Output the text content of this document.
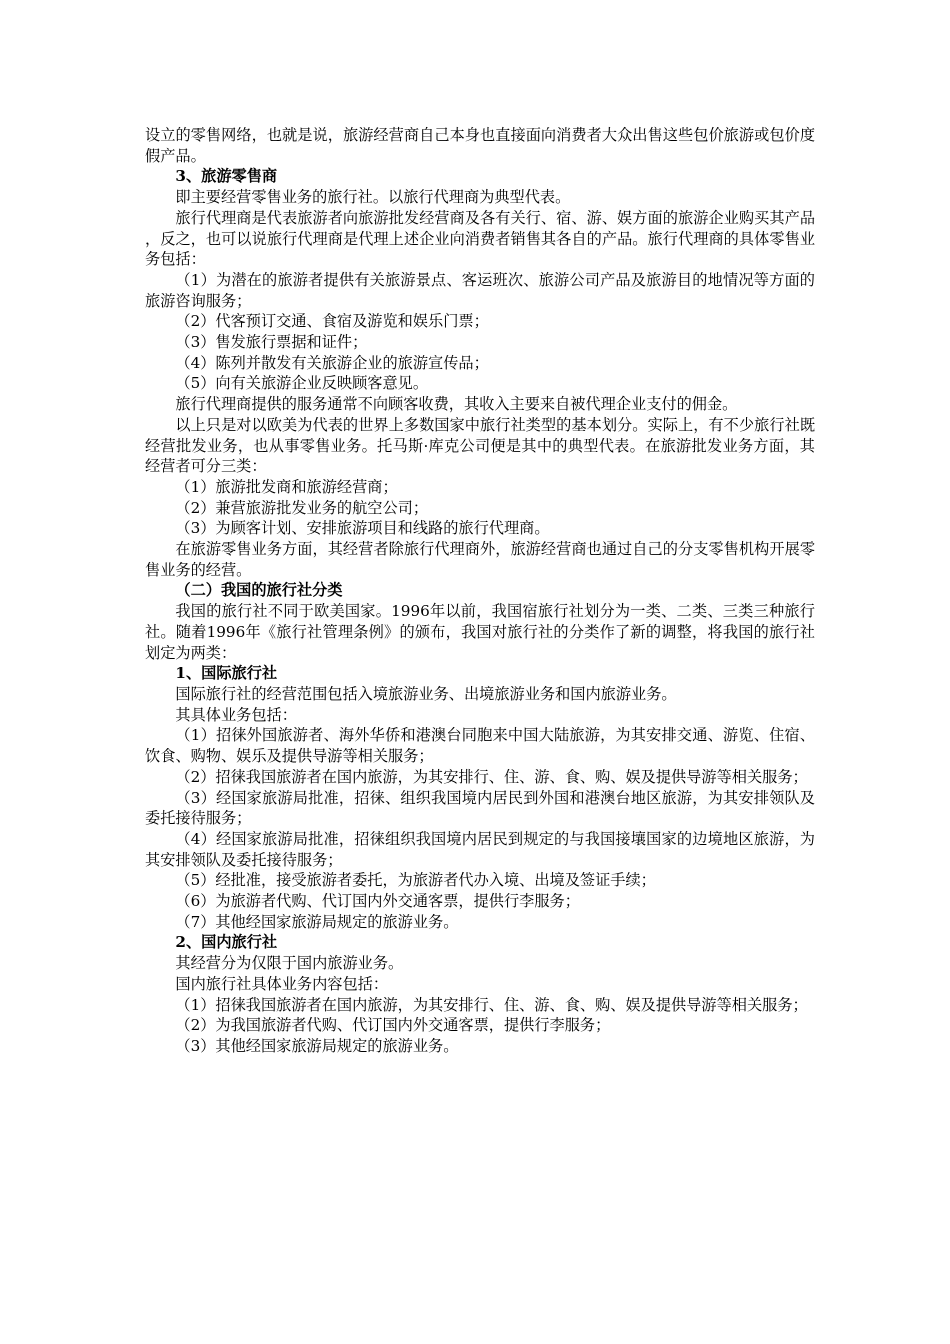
设立的零售网络，也就是说，旅游经营商自己本身也直接面向消费者大众出售这些包价旅游或包价度假产品。

3、旅游零售商

即主要经营零售业务的旅行社。以旅行代理商为典型代表。

旅行代理商是代表旅游者向旅游批发经营商及各有关行、宿、游、娱方面的旅游企业购买其产品，反之，也可以说旅行代理商是代理上述企业向消费者销售其各自的产品。旅行代理商的具体零售业务包括：

（1）为潜在的旅游者提供有关旅游景点、客运班次、旅游公司产品及旅游目的地情况等方面的旅游咨询服务；

（2）代客预订交通、食宿及游览和娱乐门票；

（3）售发旅行票据和证件；

（4）陈列并散发有关旅游企业的旅游宣传品；

（5）向有关旅游企业反映顾客意见。

旅行代理商提供的服务通常不向顾客收费，其收入主要来自被代理企业支付的佣金。

以上只是对以欧美为代表的世界上多数国家中旅行社类型的基本划分。实际上，有不少旅行社既经营批发业务，也从事零售业务。托马斯·库克公司便是其中的典型代表。在旅游批发业务方面，其经营者可分三类：

（1）旅游批发商和旅游经营商；

（2）兼营旅游批发业务的航空公司；

（3）为顾客计划、安排旅游项目和线路的旅行代理商。

在旅游零售业务方面，其经营者除旅行代理商外，旅游经营商也通过自己的分支零售机构开展零售业务的经营。

（二）我国的旅行社分类

我国的旅行社不同于欧美国家。1996年以前，我国宿旅行社划分为一类、二类、三类三种旅行社。随着1996年《旅行社管理条例》的颁布，我国对旅行社的分类作了新的调整，将我国的旅行社划定为两类：

1、国际旅行社

国际旅行社的经营范围包括入境旅游业务、出境旅游业务和国内旅游业务。

其具体业务包括：

（1）招徕外国旅游者、海外华侨和港澳台同胞来中国大陆旅游，为其安排交通、游览、住宿、饮食、购物、娱乐及提供导游等相关服务；

（2）招徕我国旅游者在国内旅游，为其安排行、住、游、食、购、娱及提供导游等相关服务；

（3）经国家旅游局批准，招徕、组织我国境内居民到外国和港澳台地区旅游，为其安排领队及委托接待服务；

（4）经国家旅游局批准，招徕组织我国境内居民到规定的与我国接壤国家的边境地区旅游，为其安排领队及委托接待服务；

（5）经批准，接受旅游者委托，为旅游者代办入境、出境及签证手续；

（6）为旅游者代购、代订国内外交通客票，提供行李服务；

（7）其他经国家旅游局规定的旅游业务。

2、国内旅行社

其经营分为仅限于国内旅游业务。

国内旅行社具体业务内容包括：

（1）招徕我国旅游者在国内旅游，为其安排行、住、游、食、购、娱及提供导游等相关服务；

（2）为我国旅游者代购、代订国内外交通客票，提供行李服务；

（3）其他经国家旅游局规定的旅游业务。
